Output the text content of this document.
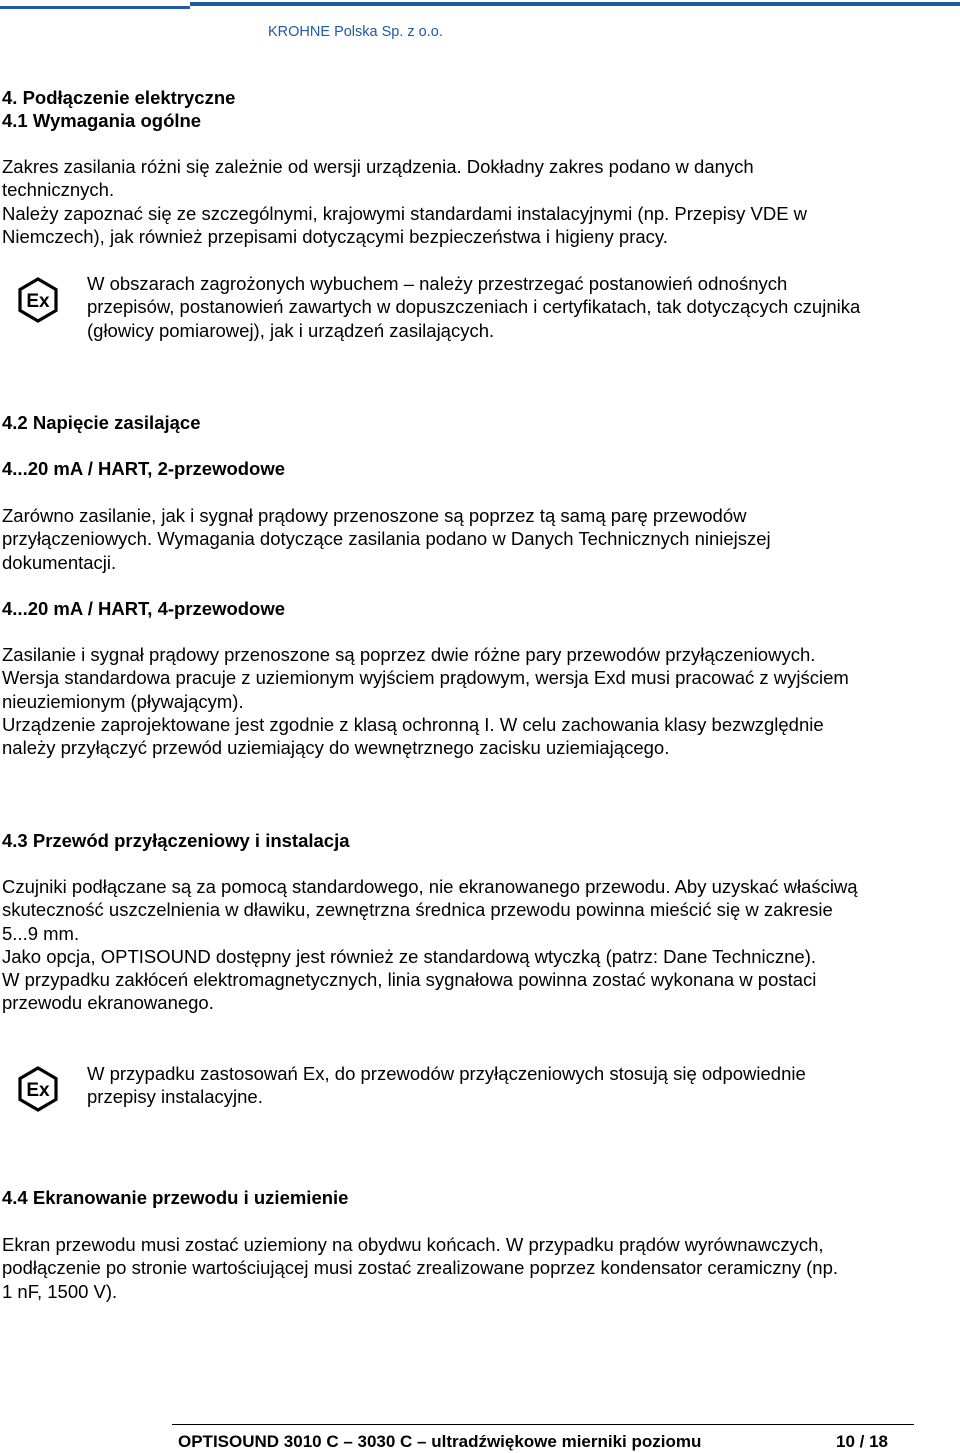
KROHNE Polska Sp. z o.o.
4. Podłączenie elektryczne
4.1 Wymagania ogólne
Zakres zasilania różni się zależnie od wersji urządzenia. Dokładny zakres podano w danych
technicznych.
Należy zapoznać się ze szczególnymi, krajowymi standardami instalacyjnymi (np. Przepisy VDE w
Niemczech), jak również przepisami dotyczącymi bezpieczeństwa i higieny pracy.
Ex
W obszarach zagrożonych wybuchem – należy przestrzegać postanowień odnośnych
przepisów, postanowień zawartych w dopuszczeniach i certyfikatach, tak dotyczących czujnika
(głowicy pomiarowej), jak i urządzeń zasilających.
4.2 Napięcie zasilające
4...20 mA / HART, 2-przewodowe
Zarówno zasilanie, jak i sygnał prądowy przenoszone są poprzez tą samą parę przewodów
przyłączeniowych. Wymagania dotyczące zasilania podano w Danych Technicznych niniejszej
dokumentacji.
4...20 mA / HART, 4-przewodowe
Zasilanie i sygnał prądowy przenoszone są poprzez dwie różne pary przewodów przyłączeniowych.
Wersja standardowa pracuje z uziemionym wyjściem prądowym, wersja Exd musi pracować z wyjściem
nieuziemionym (pływającym).
Urządzenie zaprojektowane jest zgodnie z klasą ochronną I. W celu zachowania klasy bezwzględnie
należy przyłączyć przewód uziemiający do wewnętrznego zacisku uziemiającego.
4.3 Przewód przyłączeniowy i instalacja
Czujniki podłączane są za pomocą standardowego, nie ekranowanego przewodu. Aby uzyskać właściwą
skuteczność uszczelnienia w dławiku, zewnętrzna średnica przewodu powinna mieścić się w zakresie
5...9 mm.
Jako opcja, OPTISOUND dostępny jest również ze standardową wtyczką (patrz: Dane Techniczne).
W przypadku zakłóceń elektromagnetycznych, linia sygnałowa powinna zostać wykonana w postaci
przewodu ekranowanego.
Ex
W przypadku zastosowań Ex, do przewodów przyłączeniowych stosują się odpowiednie
przepisy instalacyjne.
4.4 Ekranowanie przewodu i uziemienie
Ekran przewodu musi zostać uziemiony na obydwu końcach. W przypadku prądów wyrównawczych,
podłączenie po stronie wartościującej musi zostać zrealizowane poprzez kondensator ceramiczny (np.
1 nF, 1500 V).
OPTISOUND 3010 C – 3030 C – ultradźwiękowe mierniki poziomu	10 / 18
